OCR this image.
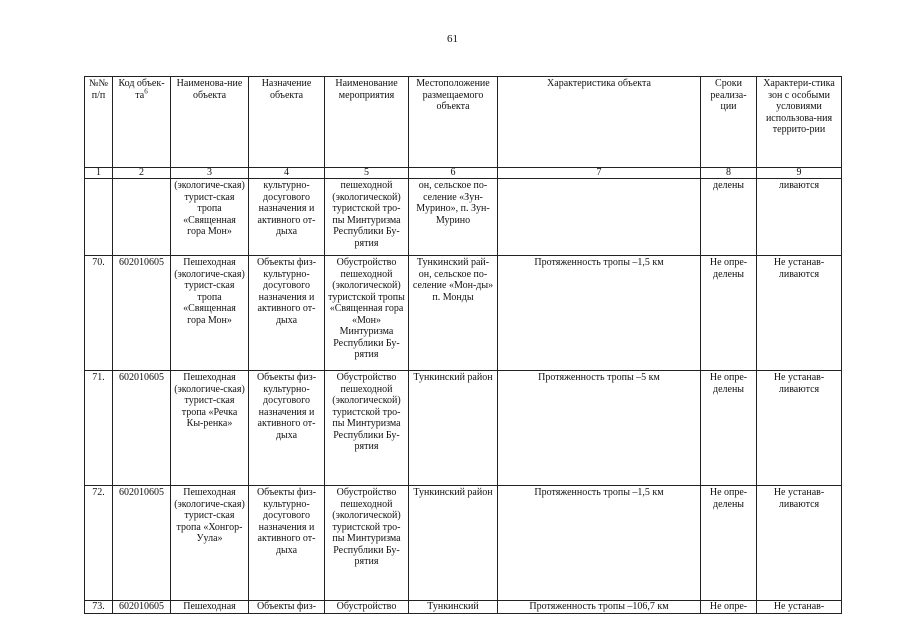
61
№№ п/п	Код объек-$та^6$	Наименова-ние объекта	Назначение объекта	Наименование мероприятия	Местоположение размещаемого объекта	Характеристика объекта	Сроки реализа-ции	Характери-стика зон с особыми условиями использова-ния террито-рии
1	2	3	4	5	6	7	8	9
		(экологиче-ская) турист-ская тропа «Священная гора Мон»	культурно-досугового назначения и активного от-дыха	пешеходной (экологической) туристской тро-пы Минтуризма Республики Бу-рятия	он, сельское по-селение «Зун-Мурино», п. Зун-Мурино		делены	ливаются
70.	602010605	Пешеходная (экологиче-ская) турист-ская тропа «Священная гора Мон»	Объекты физ-культурно-досугового назначения и активного от-дыха	Обустройство пешеходной (экологической) туристской тропы «Священная гора «Мон» Минтуризма Республики Бу-рятия	Тункинский рай-он, сельское по-селение «Мон-ды» п. Монды	Протяженность тропы –1,5 км	Не опре-делены	Не устанав-ливаются
71.	602010605	Пешеходная (экологиче-ская) турист-ская тропа «Речка Кы-ренка»	Объекты физ-культурно-досугового назначения и активного от-дыха	Обустройство пешеходной (экологической) туристской тро-пы Минтуризма Республики Бу-рятия	Тункинский район	Протяженность тропы –5 км	Не опре-делены	Не устанав-ливаются
72.	602010605	Пешеходная (экологиче-ская) турист-ская тропа «Хонгор-Уула»	Объекты физ-культурно-досугового назначения и активного от-дыха	Обустройство пешеходной (экологической) туристской тро-пы Минтуризма Республики Бу-рятия	Тункинский район	Протяженность тропы –1,5 км	Не опре-делены	Не устанав-ливаются
73.	602010605	Пешеходная	Объекты физ-	Обустройство	Тункинский	Протяженность тропы –106,7 км	Не опре-	Не устанав-
